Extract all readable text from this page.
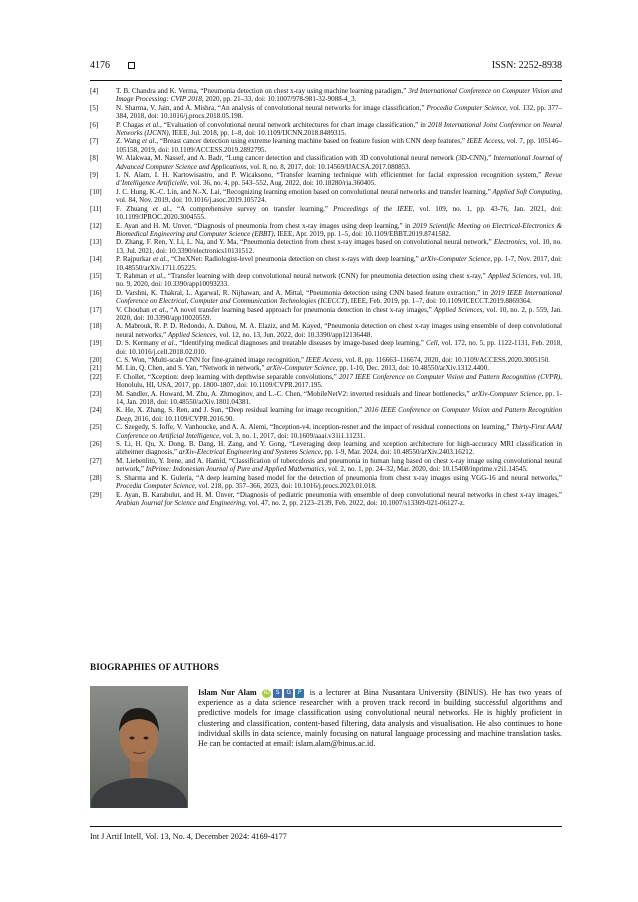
4176	ISSN: 2252-8938
[4]	T. B. Chandra and K. Verma, “Pneumonia detection on chest x-ray using machine learning paradigm,” 3rd International Conference on Computer Vision and Image Processing: CVIP 2018, 2020, pp. 21–33, doi: 10.1007/978-981-32-9088-4_3.
[5]	N. Sharma, V. Jain, and A. Mishra, “An analysis of convolutional neural networks for image classification,” Procedia Computer Science, vol. 132, pp. 377–384, 2018, doi: 10.1016/j.procs.2018.05.198.
[6]	P. Chagas et al., “Evaluation of convolutional neural network architectures for chart image classification,” in 2018 International Joint Conference on Neural Networks (IJCNN), IEEE, Jul. 2018, pp. 1–8, doi: 10.1109/IJCNN.2018.8489315.
[7]	Z. Wang et al., “Breast cancer detection using extreme learning machine based on feature fusion with CNN deep features,” IEEE Access, vol. 7, pp. 105146–105158, 2019, doi: 10.1109/ACCESS.2019.2892795.
[8]	W. Alakwaa, M. Nassef, and A. Badr, “Lung cancer detection and classification with 3D convolutional neural network (3D-CNN),” International Journal of Advanced Computer Science and Applications, vol. 8, no. 8, 2017, doi: 10.14569/IJACSA.2017.080853.
[9]	I. N. Alam, I. H. Kartowisastro, and P. Wicaksono, “Transfer learning technique with efficientnet for facial expression recognition system,” Revue d’Intelligence Artificielle, vol. 36, no. 4, pp. 543–552, Aug. 2022, doi: 10.18280/ria.360405.
[10]	J. C. Hung, K.-C. Lin, and N.-X. Lai, “Recognizing learning emotion based on convolutional neural networks and transfer learning,” Applied Soft Computing, vol. 84, Nov. 2019, doi: 10.1016/j.asoc.2019.105724.
[11]	F. Zhuang et al., “A comprehensive survey on transfer learning,” Proceedings of the IEEE, vol. 109, no. 1, pp. 43-76, Jan. 2021, doi: 10.1109/JPROC.2020.3004555.
[12]	E. Ayan and H. M. Unver, “Diagnosis of pneumonia from chest x-ray images using deep learning,” in 2019 Scientific Meeting on Electrical-Electronics & Biomedical Engineering and Computer Science (EBBT), IEEE, Apr. 2019, pp. 1–5, doi: 10.1109/EBBT.2019.8741582.
[13]	D. Zhang, F. Ren, Y. Li, L. Na, and Y. Ma, “Pneumonia detection from chest x-ray images based on convolutional neural network,” Electronics, vol. 10, no. 13, Jul. 2021, doi: 10.3390/electronics10131512.
[14]	P. Rajpurkar et al., “CheXNet: Radiologist-level pneumonia detection on chest x-rays with deep learning,” arXiv-Computer Science, pp. 1-7, Nov. 2017, doi: 10.48550/arXiv.1711.05225.
[15]	T. Rahman et al., “Transfer learning with deep convolutional neural network (CNN) for pneumonia detection using chest x-ray,” Applied Sciences, vol. 10, no. 9, 2020, doi: 10.3390/app10093233.
[16]	D. Varshni, K. Thakral, L. Agarwal, R. Nijhawan, and A. Mittal, “Pneumonia detection using CNN based feature extraction,” in 2019 IEEE International Conference on Electrical, Computer and Communication Technologies (ICECCT), IEEE, Feb. 2019, pp. 1–7, doi: 10.1109/ICECCT.2019.8869364.
[17]	V. Chouhan et al., “A novel transfer learning based approach for pneumonia detection in chest x-ray images,” Applied Sciences, vol. 10, no. 2, p. 559, Jan. 2020, doi: 10.3390/app10020559.
[18]	A. Mabrouk, R. P. D. Redondo, A. Dahou, M. A. Elaziz, and M. Kayed, “Pneumonia detection on chest x-ray images using ensemble of deep convolutional neural networks,” Applied Sciences, vol. 12, no. 13, Jun. 2022, doi: 10.3390/app12136448.
[19]	D. S. Kermany et al., “Identifying medical diagnoses and treatable diseases by image-based deep learning,” Cell, vol. 172, no. 5, pp. 1122-1131, Feb. 2018, doi: 10.1016/j.cell.2018.02.010.
[20]	C. S. Won, “Multi-scale CNN for fine-grained image recognition,” IEEE Access, vol. 8, pp. 116663–116674, 2020, doi: 10.1109/ACCESS.2020.3005150.
[21]	M. Lin, Q. Chen, and S. Yan, “Network in network,” arXiv-Computer Science, pp. 1-10, Dec. 2013, doi: 10.48550/arXiv.1312.4400.
[22]	F. Chollet, “Xception: deep learning with depthwise separable convolutions,” 2017 IEEE Conference on Computer Vision and Pattern Recognition (CVPR), Honolulu, HI, USA, 2017, pp. 1800-1807, doi: 10.1109/CVPR.2017.195.
[23]	M. Sandler, A. Howard, M. Zhu, A. Zhmoginov, and L.-C. Chen, “MobileNetV2: inverted residuals and linear bottlenecks,” arXiv-Computer Science, pp. 1-14, Jan. 2018, doi: 10.48550/arXiv.1801.04381.
[24]	K. He, X. Zhang, S. Ren, and J. Sun, “Deep residual learning for image recognition,” 2016 IEEE Conference on Computer Vision and Pattern Recognition Deep, 2016, doi: 10.1109/CVPR.2016.90.
[25]	C. Szegedy, S. Ioffe, V. Vanhoucke, and A. A. Alemi, “Inception-v4, inception-resnet and the impact of residual connections on learning,” Thirty-First AAAI Conference on Artificial Intelligence, vol. 3, no. 1, 2017, doi: 10.1609/aaai.v31i1.11231.
[26]	S. Li, H. Qu, X. Dong, B. Dang, H. Zang, and Y. Gong, “Leveraging deep learning and xception architecture for high-accuracy MRI classification in alzheimer diagnosis,” arXiv-Electrical Engineering and Systems Science, pp. 1-9, Mar. 2024, doi: 10.48550/arXiv.2403.16212.
[27]	M. Liebenlito, Y. Irene, and A. Hamid, “Classification of tuberculosis and pneumonia in human lung based on chest x-ray image using convolutional neural network,” InPrime: Indonesian Journal of Pure and Applied Mathematics, vol. 2, no. 1, pp. 24–32, Mar. 2020, doi: 10.15408/inprime.v2i1.14545.
[28]	S. Sharma and K. Guleria, “A deep learning based model for the detection of pneumonia from chest x-ray images using VGG-16 and neural networks,” Procedia Computer Science, vol. 218, pp. 357–366, 2023, doi: 10.1016/j.procs.2023.01.018.
[29]	E. Ayan, B. Karabulut, and H. M. Ünver, “Diagnosis of pediatric pneumonia with ensemble of deep convolutional neural networks in chest x-ray images,” Arabian Journal for Science and Engineering, vol. 47, no. 2, pp. 2123–2139, Feb. 2022, doi: 10.1007/s13369-021-06127-z.
BIOGRAPHIES OF AUTHORS
Islam Nur Alam iD S	G	P	is a lecturer at Bina Nusantara University (BINUS). He has two years of experience as a data science researcher with a proven track record in building successful algorithms and predictive models for image classification using convolutional neural networks. He is highly proficient in clustering and classification, content-based filtering, data analysis and visualisation. He also continues to hone individual skills in data science, mainly focusing on natural language processing and machine translation tasks. He can be contacted at email: islam.alam@binus.ac.id.
Int J Artif Intell, Vol. 13, No. 4, December 2024: 4169-4177
